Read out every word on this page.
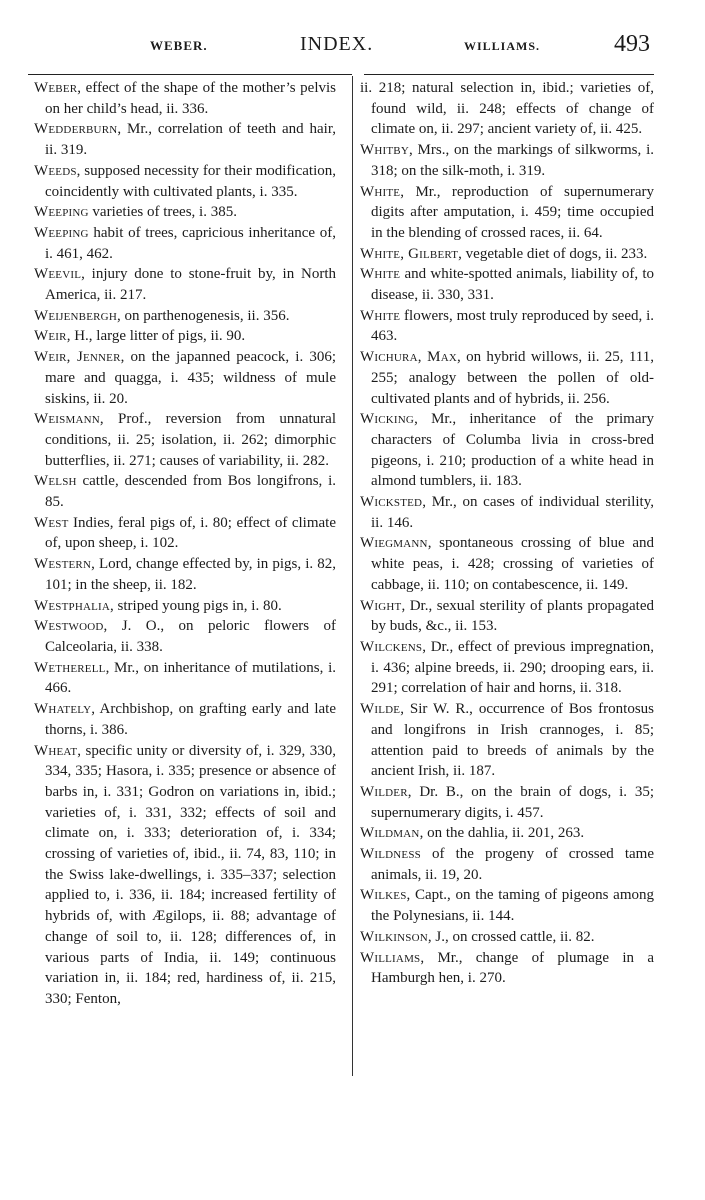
WEBER.	INDEX.	WILLIAMS.	493

Weber, effect of the shape of the mother’s pelvis on her child’s head, ii. 336.

Wedderburn, Mr., correlation of teeth and hair, ii. 319.

Weeds, supposed necessity for their modification, coincidently with cultivated plants, i. 335.

Weeping varieties of trees, i. 385.

Weeping habit of trees, capricious inheritance of, i. 461, 462.

Weevil, injury done to stone-fruit by, in North America, ii. 217.

Weijenbergh, on parthenogenesis, ii. 356.

Weir, H., large litter of pigs, ii. 90.

Weir, Jenner, on the japanned peacock, i. 306; mare and quagga, i. 435; wildness of mule siskins, ii. 20.

Weismann, Prof., reversion from unnatural conditions, ii. 25; isolation, ii. 262; dimorphic butterflies, ii. 271; causes of variability, ii. 282.

Welsh cattle, descended from Bos longifrons, i. 85.

West Indies, feral pigs of, i. 80; effect of climate of, upon sheep, i. 102.

Western, Lord, change effected by, in pigs, i. 82, 101; in the sheep, ii. 182.

Westphalia, striped young pigs in, i. 80.

Westwood, J. O., on peloric flowers of Calceolaria, ii. 338.

Wetherell, Mr., on inheritance of mutilations, i. 466.

Whately, Archbishop, on grafting early and late thorns, i. 386.

Wheat, specific unity or diversity of, i. 329, 330, 334, 335; Hasora, i. 335; presence or absence of barbs in, i. 331; Godron on variations in, ibid.; varieties of, i. 331, 332; effects of soil and climate on, i. 333; deterioration of, i. 334; crossing of varieties of, ibid., ii. 74, 83, 110; in the Swiss lake-dwellings, i. 335–337; selection applied to, i. 336, ii. 184; increased fertility of hybrids of, with Ægilops, ii. 88; advantage of change of soil to, ii. 128; differences of, in various parts of India, ii. 149; continuous variation in, ii. 184; red, hardiness of, ii. 215, 330; Fenton,

ii. 218; natural selection in, ibid.; varieties of, found wild, ii. 248; effects of change of climate on, ii. 297; ancient variety of, ii. 425.

Whitby, Mrs., on the markings of silkworms, i. 318; on the silk-moth, i. 319.

White, Mr., reproduction of supernumerary digits after amputation, i. 459; time occupied in the blending of crossed races, ii. 64.

White, Gilbert, vegetable diet of dogs, ii. 233.

White and white-spotted animals, liability of, to disease, ii. 330, 331.

White flowers, most truly reproduced by seed, i. 463.

Wichura, Max, on hybrid willows, ii. 25, 111, 255; analogy between the pollen of old-cultivated plants and of hybrids, ii. 256.

Wicking, Mr., inheritance of the primary characters of Columba livia in cross-bred pigeons, i. 210; production of a white head in almond tumblers, ii. 183.

Wicksted, Mr., on cases of individual sterility, ii. 146.

Wiegmann, spontaneous crossing of blue and white peas, i. 428; crossing of varieties of cabbage, ii. 110; on contabescence, ii. 149.

Wight, Dr., sexual sterility of plants propagated by buds, &c., ii. 153.

Wilckens, Dr., effect of previous impregnation, i. 436; alpine breeds, ii. 290; drooping ears, ii. 291; correlation of hair and horns, ii. 318.

Wilde, Sir W. R., occurrence of Bos frontosus and longifrons in Irish crannoges, i. 85; attention paid to breeds of animals by the ancient Irish, ii. 187.

Wilder, Dr. B., on the brain of dogs, i. 35; supernumerary digits, i. 457.

Wildman, on the dahlia, ii. 201, 263.

Wildness of the progeny of crossed tame animals, ii. 19, 20.

Wilkes, Capt., on the taming of pigeons among the Polynesians, ii. 144.

Wilkinson, J., on crossed cattle, ii. 82.

Williams, Mr., change of plumage in a Hamburgh hen, i. 270.
